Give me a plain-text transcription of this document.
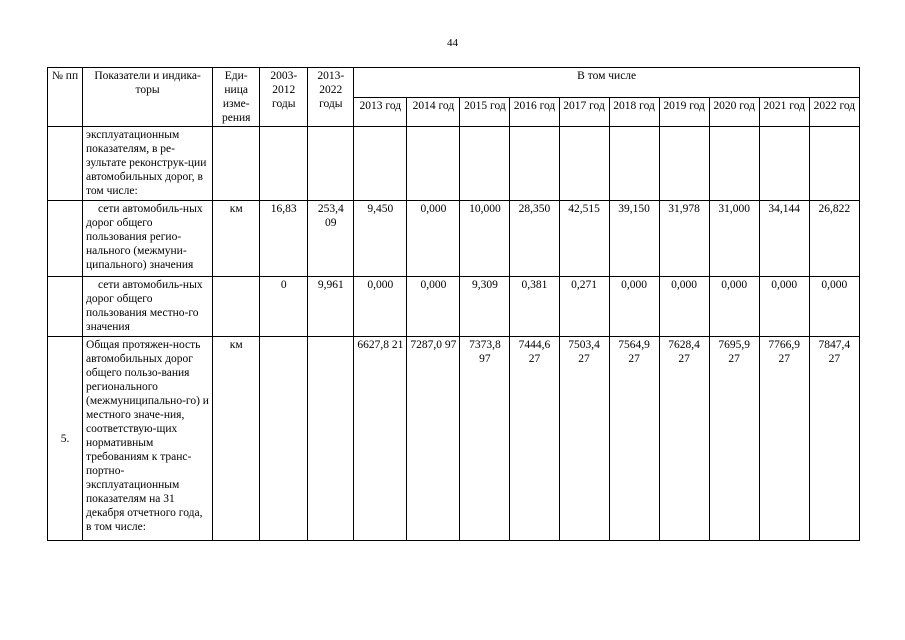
44
№ пп	Показатели и индика-торы	Еди-ница изме-рения	2003-2012 годы	2013-2022 годы	В том числе									
					2013 год	2014 год	2015 год	2016 год	2017 год	2018 год	2019 год	2020 год	2021 год	2022 год
	эксплуатационным показателям, в ре-зультате реконструк-ции автомобильных дорог, в том числе:													
	сети автомобиль-ных дорог общего пользования регио-нального (межмуни-ципального) значения	км	16,83	253,4 09	9,450	0,000	10,000	28,350	42,515	39,150	31,978	31,000	34,144	26,822
	сети автомобиль-ных дорог общего пользования местно-го значения		0	9,961	0,000	0,000	9,309	0,381	0,271	0,000	0,000	0,000	0,000	0,000
5.	Общая протяжен-ность автомобильных дорог общего пользо-вания регионального (межмуниципально-го) и местного значе-ния, соответствую-щих нормативным требованиям к транс-портно-эксплуатационным показателям на 31 декабря отчетного года, в том числе:	км			6627,8 21	7287,0 97	7373,8 97	7444,6 27	7503,4 27	7564,9 27	7628,4 27	7695,9 27	7766,9 27	7847,4 27
